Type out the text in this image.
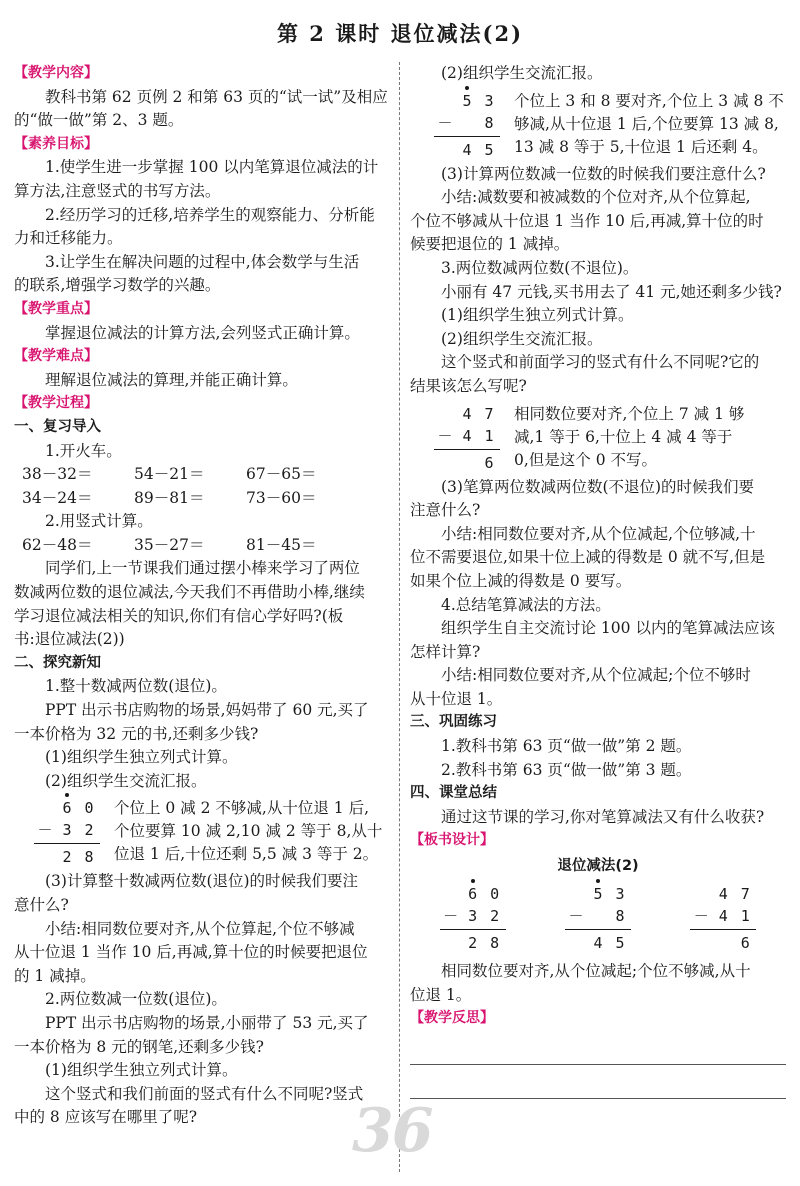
第 2 课时 退位减法(2)
【教学内容】
教科书第 62 页例 2 和第 63 页的“试一试”及相应
的“做一做”第 2、3 题。
【素养目标】
1.使学生进一步掌握 100 以内笔算退位减法的计
算方法,注意竖式的书写方法。
2.经历学习的迁移,培养学生的观察能力、分析能
力和迁移能力。
3.让学生在解决问题的过程中,体会数学与生活
的联系,增强学习数学的兴趣。
【教学重点】
掌握退位减法的计算方法,会列竖式正确计算。
【教学难点】
理解退位减法的算理,并能正确计算。
【教学过程】
一、复习导入
1.开火车。
38－32＝	54－21＝	67－65＝
34－24＝	89－81＝	73－60＝
2.用竖式计算。
62－48＝	35－27＝	81－45＝
同学们,上一节课我们通过摆小棒来学习了两位
数减两位数的退位减法,今天我们不再借助小棒,继续
学习退位减法相关的知识,你们有信心学好吗?(板
书:退位减法(2))
二、探究新知
1.整十数减两位数(退位)。
PPT 出示书店购物的场景,妈妈带了 60 元,买了
一本价格为 32 元的书,还剩多少钱?
(1)组织学生独立列式计算。
(2)组织学生交流汇报。
6 0
－ 3 2
2 8
个位上 0 减 2 不够减,从十位退 1 后,
个位要算 10 减 2,10 减 2 等于 8,从十
位退 1 后,十位还剩 5,5 减 3 等于 2。
(3)计算整十数减两位数(退位)的时候我们要注
意什么?
小结:相同数位要对齐,从个位算起,个位不够减
从十位退 1 当作 10 后,再减,算十位的时候要把退位
的 1 减掉。
2.两位数减一位数(退位)。
PPT 出示书店购物的场景,小丽带了 53 元,买了
一本价格为 8 元的钢笔,还剩多少钱?
(1)组织学生独立列式计算。
这个竖式和我们前面的竖式有什么不同呢?竖式
中的 8 应该写在哪里了呢?
(2)组织学生交流汇报。
5 3
－	8
4 5
个位上 3 和 8 要对齐,个位上 3 减 8 不
够减,从十位退 1 后,个位要算 13 减 8,
13 减 8 等于 5,十位退 1 后还剩 4。
(3)计算两位数减一位数的时候我们要注意什么?
小结:减数要和被减数的个位对齐,从个位算起,
个位不够减从十位退 1 当作 10 后,再减,算十位的时
候要把退位的 1 减掉。
3.两位数减两位数(不退位)。
小丽有 47 元钱,买书用去了 41 元,她还剩多少钱?
(1)组织学生独立列式计算。
(2)组织学生交流汇报。
这个竖式和前面学习的竖式有什么不同呢?它的
结果该怎么写呢?
4 7
－ 4 1
6
相同数位要对齐,个位上 7 减 1 够
减,1 等于 6,十位上 4 减 4 等于
0,但是这个 0 不写。
(3)笔算两位数减两位数(不退位)的时候我们要
注意什么?
小结:相同数位要对齐,从个位减起,个位够减,十
位不需要退位,如果十位上减的得数是 0 就不写,但是
如果个位上减的得数是 0 要写。
4.总结笔算减法的方法。
组织学生自主交流讨论 100 以内的笔算减法应该
怎样计算?
小结:相同数位要对齐,从个位减起;个位不够时
从十位退 1。
三、巩固练习
1.教科书第 63 页“做一做”第 2 题。
2.教科书第 63 页“做一做”第 3 题。
四、课堂总结
通过这节课的学习,你对笔算减法又有什么收获?
【板书设计】
退位减法(2)
6 0
－ 3 2
2 8
5 3
－	8
4 5
4 7
－ 4 1
6
相同数位要对齐,从个位减起;个位不够减,从十
位退 1。
【教学反思】
36
